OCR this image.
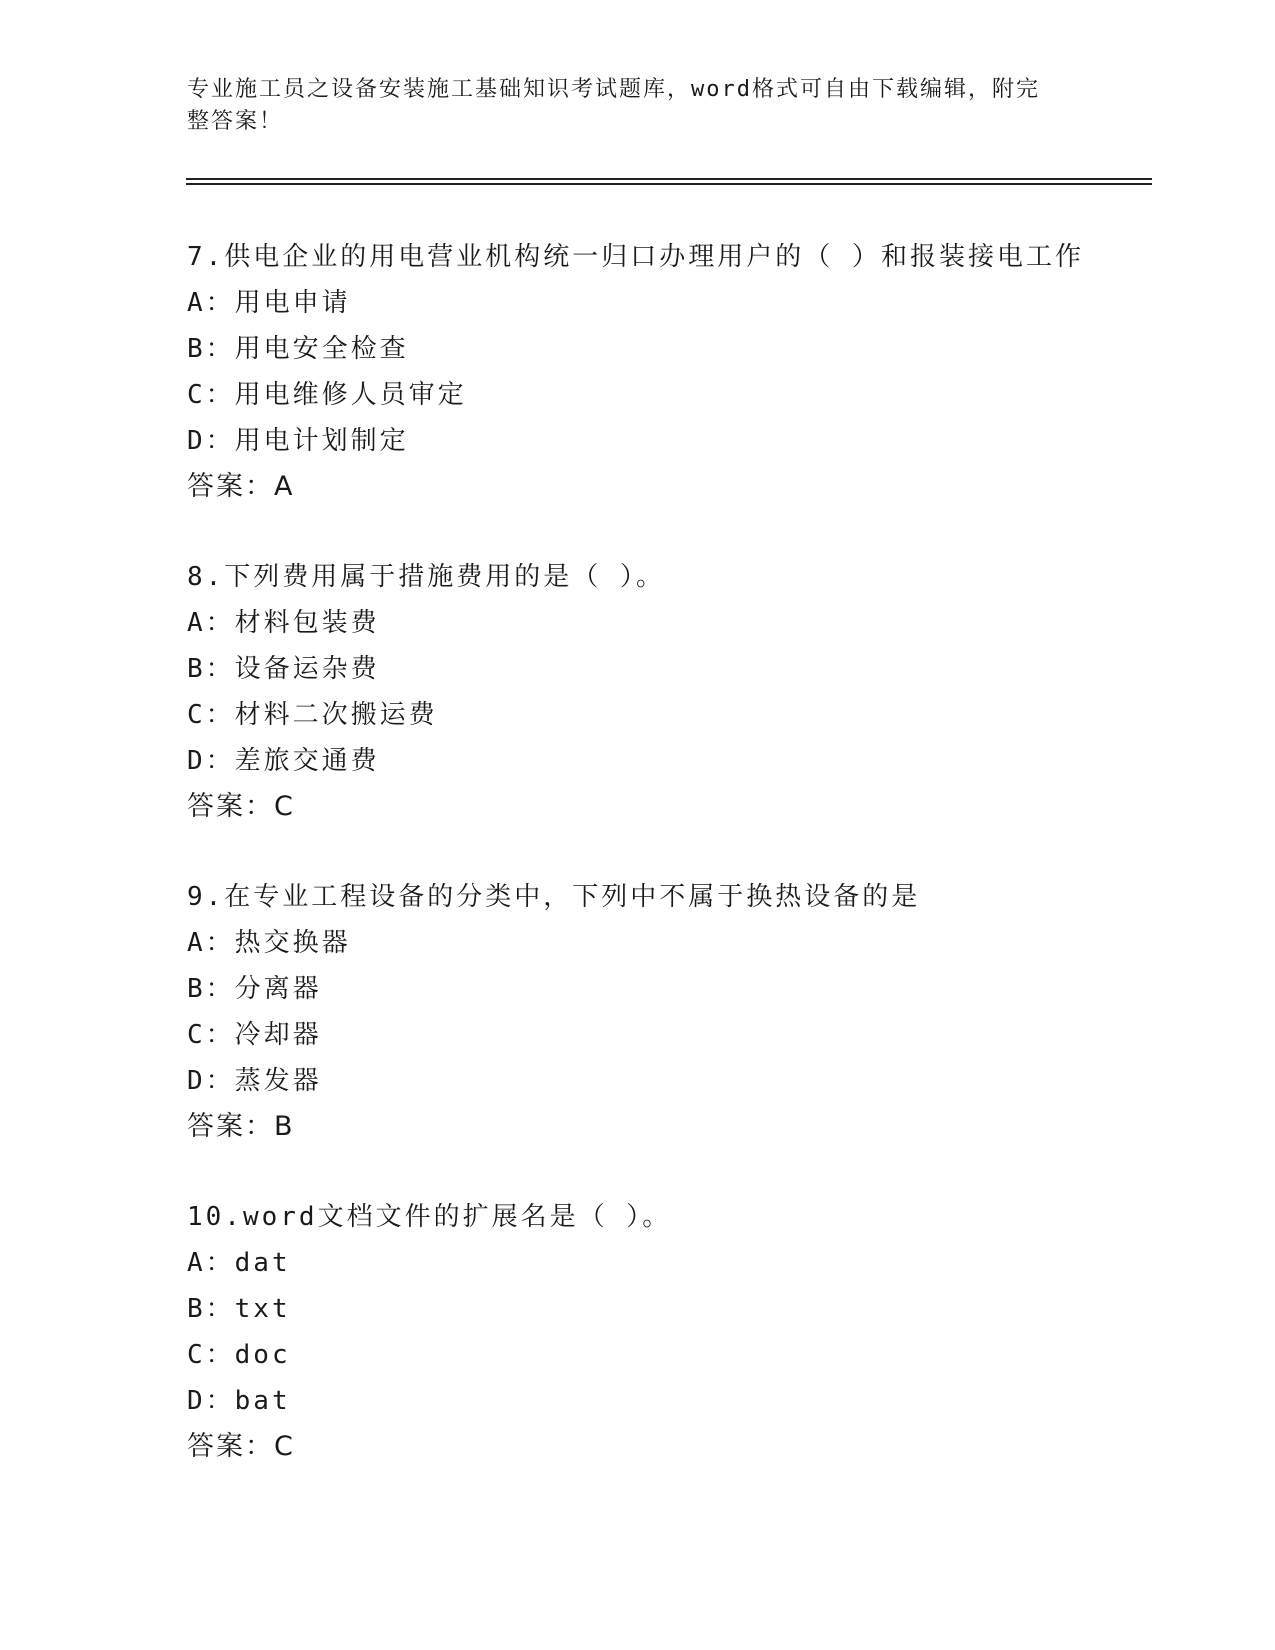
专业施工员之设备安装施工基础知识考试题库，word格式可自由下载编辑，附完
整答案！
7.供电企业的用电营业机构统一归口办理用户的（ ）和报装接电工作
A：用电申请
B：用电安全检查
C：用电维修人员审定
D：用电计划制定
答案：A
8.下列费用属于措施费用的是（ ）。
A：材料包装费
B：设备运杂费
C：材料二次搬运费
D：差旅交通费
答案：C
9.在专业工程设备的分类中，下列中不属于换热设备的是
A：热交换器
B：分离器
C：冷却器
D：蒸发器
答案：B
10.word文档文件的扩展名是（ ）。
A：dat
B：txt
C：doc
D：bat
答案：C
